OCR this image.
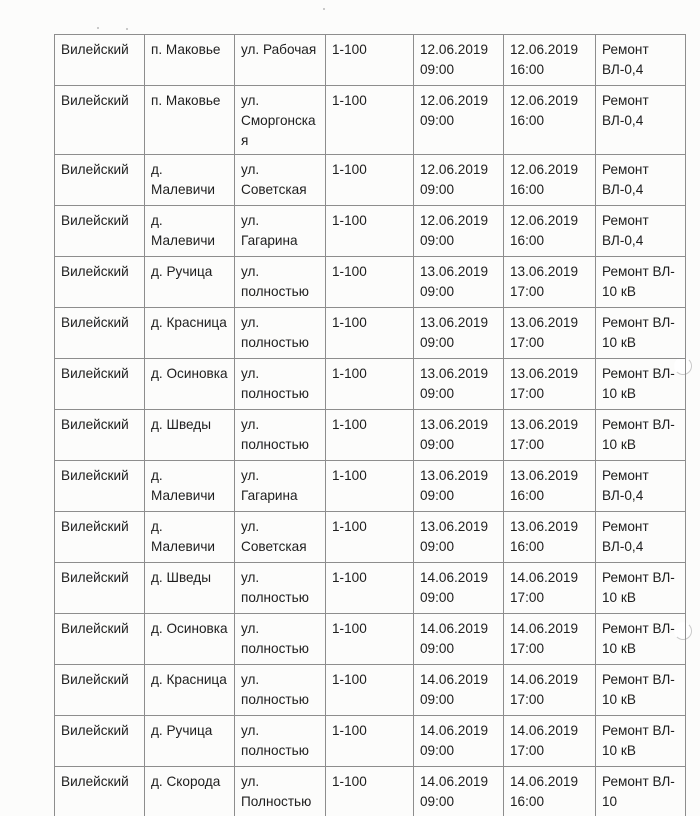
Вилейский	п. Маковье	ул. Рабочая	1-100	12.06.2019
09:00	12.06.2019
16:00	Ремонт
ВЛ-0,4

Вилейский	п. Маковье	ул.
Сморгонска
я	1-100	12.06.2019
09:00	12.06.2019
16:00	Ремонт
ВЛ-0,4

Вилейский	д.
Малевичи	ул.
Советская	1-100	12.06.2019
09:00	12.06.2019
16:00	Ремонт
ВЛ-0,4

Вилейский	д.
Малевичи	ул.
Гагарина	1-100	12.06.2019
09:00	12.06.2019
16:00	Ремонт
ВЛ-0,4

Вилейский	д. Ручица	ул.
полностью	1-100	13.06.2019
09:00	13.06.2019
17:00	Ремонт ВЛ-
10 кВ

Вилейский	д. Красница	ул.
полностью	1-100	13.06.2019
09:00	13.06.2019
17:00	Ремонт ВЛ-
10 кВ

Вилейский	д. Осиновка	ул.
полностью	1-100	13.06.2019
09:00	13.06.2019
17:00	Ремонт ВЛ-
10 кВ

Вилейский	д. Шведы	ул.
полностью	1-100	13.06.2019
09:00	13.06.2019
17:00	Ремонт ВЛ-
10 кВ

Вилейский	д.
Малевичи	ул.
Гагарина	1-100	13.06.2019
09:00	13.06.2019
16:00	Ремонт
ВЛ-0,4

Вилейский	д.
Малевичи	ул.
Советская	1-100	13.06.2019
09:00	13.06.2019
16:00	Ремонт
ВЛ-0,4

Вилейский	д. Шведы	ул.
полностью	1-100	14.06.2019
09:00	14.06.2019
17:00	Ремонт ВЛ-
10 кВ

Вилейский	д. Осиновка	ул.
полностью	1-100	14.06.2019
09:00	14.06.2019
17:00	Ремонт ВЛ-
10 кВ

Вилейский	д. Красница	ул.
полностью	1-100	14.06.2019
09:00	14.06.2019
17:00	Ремонт ВЛ-
10 кВ

Вилейский	д. Ручица	ул.
полностью	1-100	14.06.2019
09:00	14.06.2019
17:00	Ремонт ВЛ-
10 кВ

Вилейский	д. Скорода	ул.
Полностью	1-100	14.06.2019
09:00	14.06.2019
16:00	Ремонт ВЛ-
10
